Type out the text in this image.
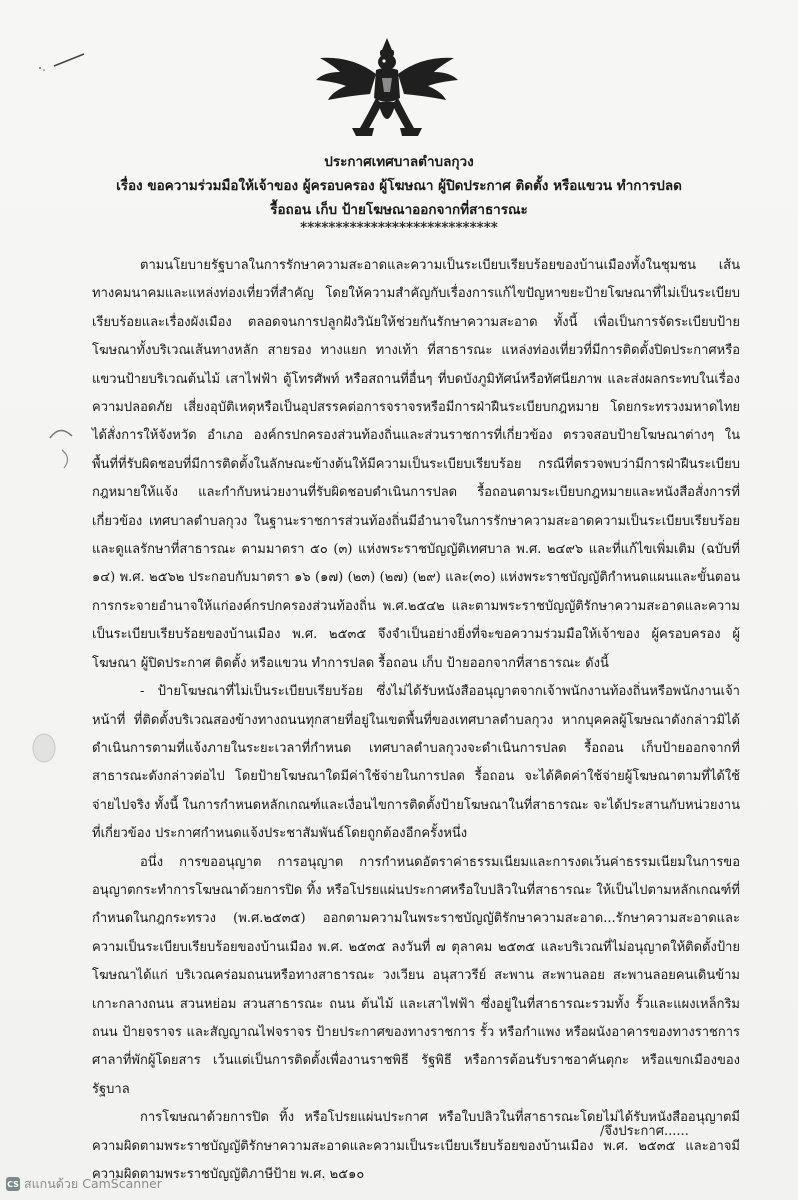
ประกาศเทศบาลตำบลกุวง
เรื่อง ขอความร่วมมือให้เจ้าของ ผู้ครอบครอง ผู้โฆษณา ผู้ปิดประกาศ ติดตั้ง หรือแขวน ทำการปลด
รื้อถอน เก็บ ป้ายโฆษณาออกจากที่สาธารณะ
****************************

ตามนโยบายรัฐบาลในการรักษาความสะอาดและความเป็นระเบียบเรียบร้อยของบ้านเมืองทั้งในชุมชน เส้นทางคมนาคมและแหล่งท่องเที่ยวที่สำคัญ โดยให้ความสำคัญกับเรื่องการแก้ไขปัญหาขยะป้ายโฆษณาที่ไม่เป็นระเบียบเรียบร้อยและเรื่องผังเมือง ตลอดจนการปลูกฝังวินัยให้ช่วยกันรักษาความสะอาด ทั้งนี้ เพื่อเป็นการจัดระเบียบป้ายโฆษณาทั้งบริเวณเส้นทางหลัก สายรอง ทางแยก ทางเท้า ที่สาธารณะ แหล่งท่องเที่ยวที่มีการติดตั้งปิดประกาศหรือแขวนป้ายบริเวณต้นไม้ เสาไฟฟ้า ตู้โทรศัพท์ หรือสถานที่อื่นๆ ที่บดบังภูมิทัศน์หรือทัศนียภาพ และส่งผลกระทบในเรื่องความปลอดภัย เสี่ยงอุบัติเหตุหรือเป็นอุปสรรคต่อการจราจรหรือมีการฝ่าฝืนระเบียบกฎหมาย โดยกระทรวงมหาดไทยได้สั่งการให้จังหวัด อำเภอ องค์กรปกครองส่วนท้องถิ่นและส่วนราชการที่เกี่ยวข้อง ตรวจสอบป้ายโฆษณาต่างๆ ในพื้นที่ที่รับผิดชอบที่มีการติดตั้งในลักษณะข้างต้นให้มีความเป็นระเบียบเรียบร้อย กรณีที่ตรวจพบว่ามีการฝ่าฝืนระเบียบกฎหมายให้แจ้ง และกำกับหน่วยงานที่รับผิดชอบดำเนินการปลด รื้อถอนตามระเบียบกฎหมายและหนังสือสั่งการที่เกี่ยวข้อง เทศบาลตำบลกุวง ในฐานะราชการส่วนท้องถิ่นมีอำนาจในการรักษาความสะอาดความเป็นระเบียบเรียบร้อยและดูแลรักษาที่สาธารณะ ตามมาตรา ๕๐ (๓) แห่งพระราชบัญญัติเทศบาล พ.ศ. ๒๔๙๖ และที่แก้ไขเพิ่มเติม (ฉบับที่ ๑๔) พ.ศ. ๒๕๖๒ ประกอบกับมาตรา ๑๖ (๑๗) (๒๓) (๒๗) (๒๙) และ(๓๐) แห่งพระราชบัญญัติกำหนดแผนและขั้นตอนการกระจายอำนาจให้แก่องค์กรปกครองส่วนท้องถิ่น พ.ศ.๒๕๔๒ และตามพระราชบัญญัติรักษาความสะอาดและความเป็นระเบียบเรียบร้อยของบ้านเมือง พ.ศ. ๒๕๓๕ จึงจำเป็นอย่างยิ่งที่จะขอความร่วมมือให้เจ้าของ ผู้ครอบครอง ผู้โฆษณา ผู้ปิดประกาศ ติดตั้ง หรือแขวน ทำการปลด รื้อถอน เก็บ ป้ายออกจากที่สาธารณะ ดังนี้

- ป้ายโฆษณาที่ไม่เป็นระเบียบเรียบร้อย ซึ่งไม่ได้รับหนังสืออนุญาตจากเจ้าพนักงานท้องถิ่นหรือพนักงานเจ้าหน้าที่ ที่ติดตั้งบริเวณสองข้างทางถนนทุกสายที่อยู่ในเขตพื้นที่ของเทศบาลตำบลกุวง หากบุคคลผู้โฆษณาดังกล่าวมิได้ดำเนินการตามที่แจ้งภายในระยะเวลาที่กำหนด เทศบาลตำบลกุวงจะดำเนินการปลด รื้อถอน เก็บป้ายออกจากที่สาธารณะดังกล่าวต่อไป โดยป้ายโฆษณาใดมีค่าใช้จ่ายในการปลด รื้อถอน จะได้คิดค่าใช้จ่ายผู้โฆษณาตามที่ได้ใช้จ่ายไปจริง ทั้งนี้ ในการกำหนดหลักเกณฑ์และเงื่อนไขการติดตั้งป้ายโฆษณาในที่สาธารณะ จะได้ประสานกับหน่วยงานที่เกี่ยวข้อง ประกาศกำหนดแจ้งประชาสัมพันธ์โดยถูกต้องอีกครั้งหนึ่ง

อนึ่ง การขออนุญาต การอนุญาต การกำหนดอัตราค่าธรรมเนียมและการงดเว้นค่าธรรมเนียมในการขออนุญาตกระทำการโฆษณาด้วยการปิด ทิ้ง หรือโปรยแผ่นประกาศหรือใบปลิวในที่สาธารณะ ให้เป็นไปตามหลักเกณฑ์ที่กำหนดในกฎกระทรวง (พ.ศ.๒๕๓๕) ออกตามความในพระราชบัญญัติรักษาความสะอาด...รักษาความสะอาดและความเป็นระเบียบเรียบร้อยของบ้านเมือง พ.ศ. ๒๕๓๕ ลงวันที่ ๗ ตุลาคม ๒๕๓๕ และบริเวณที่ไม่อนุญาตให้ติดตั้งป้ายโฆษณาได้แก่ บริเวณคร่อมถนนหรือทางสาธารณะ วงเวียน อนุสาวรีย์ สะพาน สะพานลอย สะพานลอยคนเดินข้ามเกาะกลางถนน สวนหย่อม สวนสาธารณะ ถนน ต้นไม้ และเสาไฟฟ้า ซึ่งอยู่ในที่สาธารณะรวมทั้ง รั้วและแผงเหล็กริมถนน ป้ายจราจร และสัญญาณไฟจราจร ป้ายประกาศของทางราชการ รั้ว หรือกำแพง หรือผนังอาคารของทางราชการ ศาลาที่พักผู้โดยสาร เว้นแต่เป็นการติดตั้งเพื่องานราชพิธี รัฐพิธี หรือการต้อนรับราชอาคันตุกะ หรือแขกเมืองของรัฐบาล

การโฆษณาด้วยการปิด ทิ้ง หรือโปรยแผ่นประกาศ หรือใบปลิวในที่สาธารณะโดยไม่ได้รับหนังสืออนุญาตมีความผิดตามพระราชบัญญัติรักษาความสะอาดและความเป็นระเบียบเรียบร้อยของบ้านเมือง พ.ศ. ๒๕๓๕ และอาจมีความผิดตามพระราชบัญญัติภาษีป้าย พ.ศ. ๒๕๑๐

/จึงประกาศ......
CS สแกนด้วย CamScanner
